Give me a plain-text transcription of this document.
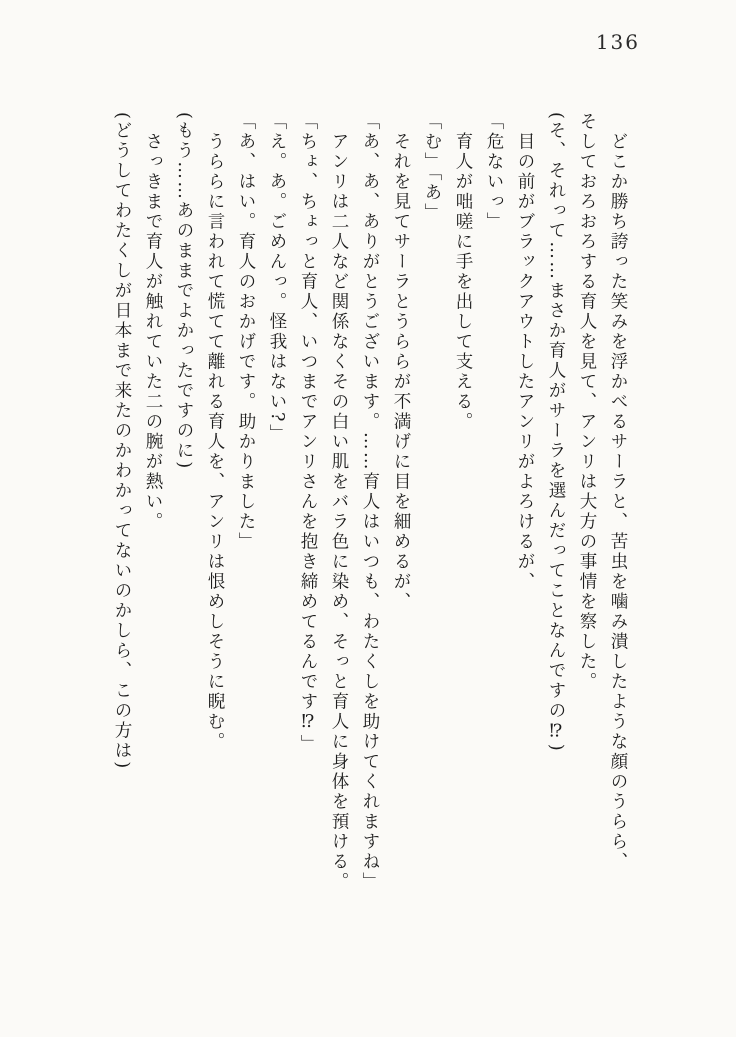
136

どこか勝ち誇った笑みを浮かべるサーラと、苦虫を噛み潰したような顔のうらら、

そしておろおろする育人を見て、アンリは大方の事情を察した。

(そ、それって……まさか育人がサーラを選んだってことなんですの⁉)

目の前がブラックアウトしたアンリがよろけるが、

「危ないっ」

育人が咄嗟に手を出して支える。

「む」「あ」

それを見てサーラとうららが不満げに目を細めるが、

「あ、あ、ありがとうございます。……育人はいつも、わたくしを助けてくれますね」

アンリは二人など関係なくその白い肌をバラ色に染め、そっと育人に身体を預ける。

「ちょ、ちょっと育人、いつまでアンリさんを抱き締めてるんです⁉」

「え。あ。ごめんっ。怪我はない?」

「あ、はい。育人のおかげです。助かりました」

うららに言われて慌てて離れる育人を、アンリは恨めしそうに睨む。

(もう……あのままでよかったですのに)

さっきまで育人が触れていた二の腕が熱い。

(どうしてわたくしが日本まで来たのかわかってないのかしら、この方は)
